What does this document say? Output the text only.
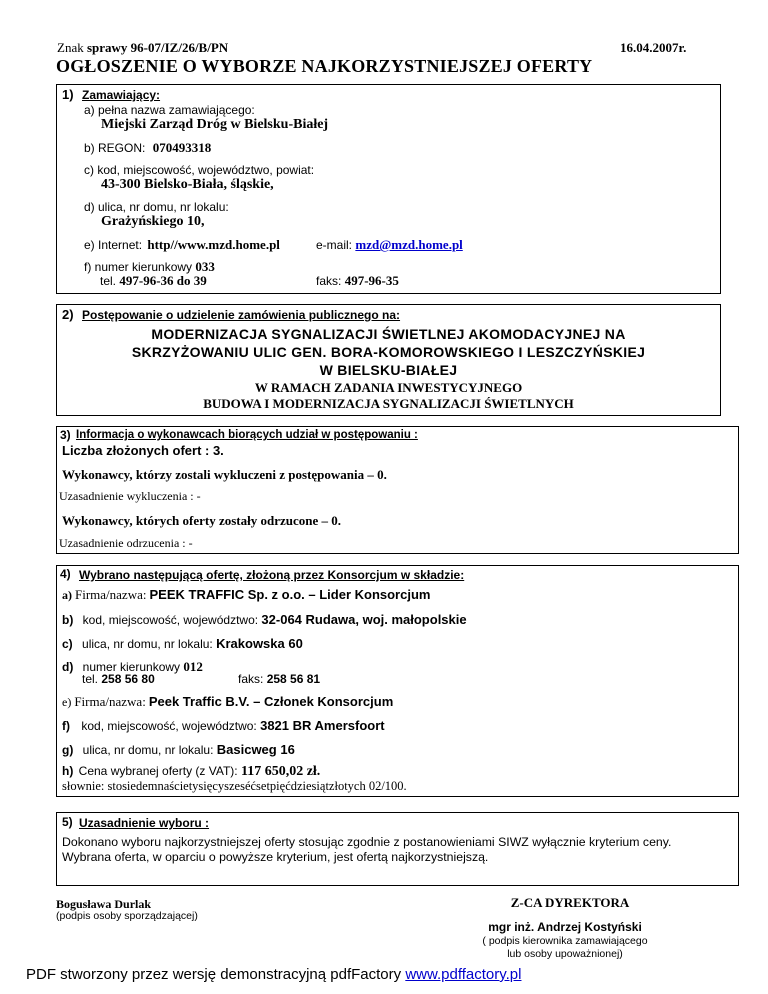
Znak sprawy 96-07/IZ/26/B/PN	16.04.2007r.
OGŁOSZENIE O WYBORZE NAJKORZYSTNIEJSZEJ OFERTY
1) Zamawiający:
a) pełna nazwa zamawiającego:
Miejski Zarząd Dróg w Bielsku-Białej
b) REGON: 070493318
c) kod, miejscowość, województwo, powiat:
43-300 Bielsko-Biała, śląskie,
d) ulica, nr domu, nr lokalu:
Grażyńskiego 10,
e) Internet: http//www.mzd.home.pl	e-mail: mzd@mzd.home.pl
f) numer kierunkowy 033
tel. 497-96-36 do 39	faks: 497-96-35
2) Postępowanie o udzielenie zamówienia publicznego na:
MODERNIZACJA SYGNALIZACJI ŚWIETLNEJ AKOMODACYJNEJ NA
SKRZYŻOWANIU ULIC GEN. BORA-KOMOROWSKIEGO I LESZCZYŃSKIEJ
W BIELSKU-BIAŁEJ
W RAMACH ZADANIA INWESTYCYJNEGO
BUDOWA I MODERNIZACJA SYGNALIZACJI ŚWIETLNYCH
3) Informacja o wykonawcach biorących udział w postępowaniu :
Liczba złożonych ofert : 3.
Wykonawcy, którzy zostali wykluczeni z postępowania – 0.
Uzasadnienie wykluczenia : -
Wykonawcy, których oferty zostały odrzucone – 0.
Uzasadnienie odrzucenia : -
4) Wybrano następującą ofertę, złożoną przez Konsorcjum w składzie:
a) Firma/nazwa: PEEK TRAFFIC Sp. z o.o. – Lider Konsorcjum
b) kod, miejscowość, województwo: 32-064 Rudawa, woj. małopolskie
c) ulica, nr domu, nr lokalu: Krakowska 60
d) numer kierunkowy 012
tel. 258 56 80	faks: 258 56 81
e) Firma/nazwa: Peek Traffic B.V. – Członek Konsorcjum
f) kod, miejscowość, województwo: 3821 BR Amersfoort
g) ulica, nr domu, nr lokalu: Basicweg 16
h) Cena wybranej oferty (z VAT): 117 650,02 zł.
słownie: stosiedemnaścietysięcyszeséćsetpięćdziesiątzłotych 02/100.
5) Uzasadnienie wyboru :
Dokonano wyboru najkorzystniejszej oferty stosując zgodnie z postanowieniami SIWZ wyłącznie kryterium ceny.
Wybrana oferta, w oparciu o powyższe kryterium, jest ofertą najkorzystniejszą.
Bogusława Durlak
(podpis osoby sporządzającej)
Z-CA DYREKTORA
mgr inż. Andrzej Kostyński
( podpis kierownika zamawiającego
lub osoby upoważnionej)
PDF stworzony przez wersję demonstracyjną pdfFactory www.pdffactory.pl
